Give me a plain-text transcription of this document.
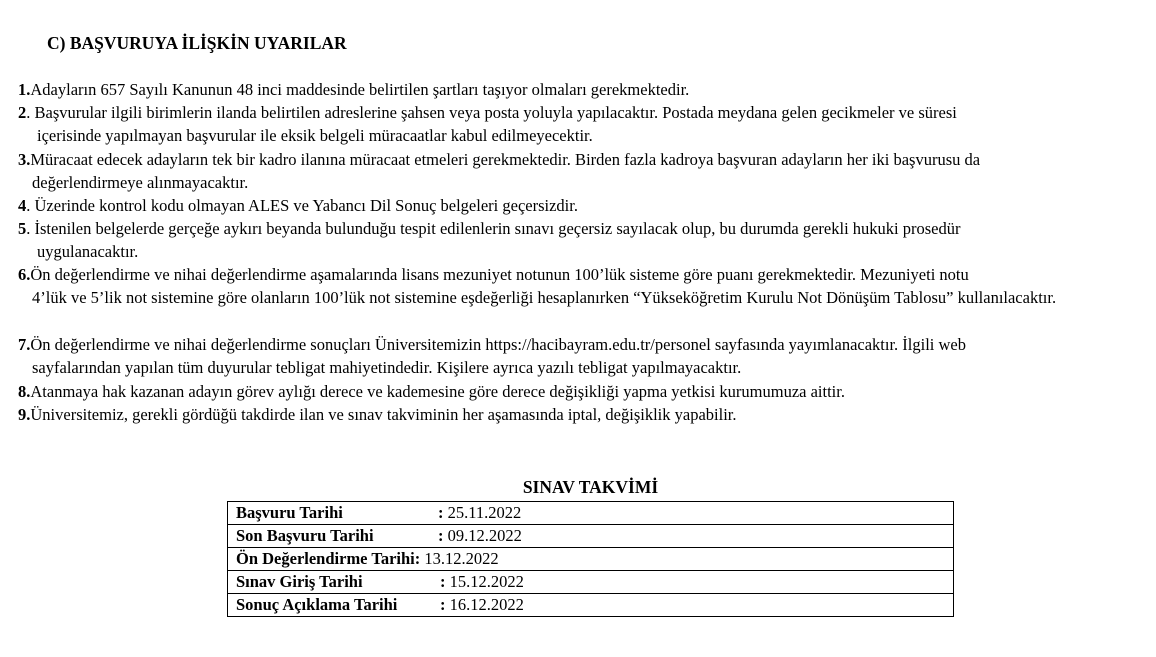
C) BAŞVURUYA İLİŞKİN UYARILAR

1.Adayların 657 Sayılı Kanunun 48 inci maddesinde belirtilen şartları taşıyor olmaları gerekmektedir.

2. Başvurular ilgili birimlerin ilanda belirtilen adreslerine şahsen veya posta yoluyla yapılacaktır. Postada meydana gelen gecikmeler ve süresi
içerisinde yapılmayan başvurular ile eksik belgeli müracaatlar kabul edilmeyecektir.

3.Müracaat edecek adayların tek bir kadro ilanına müracaat etmeleri gerekmektedir. Birden fazla kadroya başvuran adayların her iki başvurusu da
değerlendirmeye alınmayacaktır.

4. Üzerinde kontrol kodu olmayan ALES ve Yabancı Dil Sonuç belgeleri geçersizdir.

5. İstenilen belgelerde gerçeğe aykırı beyanda bulunduğu tespit edilenlerin sınavı geçersiz sayılacak olup, bu durumda gerekli hukuki prosedür
uygulanacaktır.

6.Ön değerlendirme ve nihai değerlendirme aşamalarında lisans mezuniyet notunun 100’lük sisteme göre puanı gerekmektedir. Mezuniyeti notu
4’lük ve 5’lik not sistemine göre olanların 100’lük not sistemine eşdeğerliği hesaplanırken “Yükseköğretim Kurulu Not Dönüşüm Tablosu” kullanılacaktır.

7.Ön değerlendirme ve nihai değerlendirme sonuçları Üniversitemizin https://hacibayram.edu.tr/personel sayfasında yayımlanacaktır. İlgili web
sayfalarından yapılan tüm duyurular tebligat mahiyetindedir. Kişilere ayrıca yazılı tebligat yapılmayacaktır.

8.Atanmaya hak kazanan adayın görev aylığı derece ve kademesine göre derece değişikliği yapma yetkisi kurumumuza aittir.

9.Üniversitemiz, gerekli gördüğü takdirde ilan ve sınav takviminin her aşamasında iptal, değişiklik yapabilir.

SINAV TAKVİMİ

Başvuru Tarihi	: 25.11.2022
Son Başvuru Tarihi	: 09.12.2022
Ön Değerlendirme Tarihi: 13.12.2022
Sınav Giriş Tarihi	: 15.12.2022
Sonuç Açıklama Tarihi	: 16.12.2022
